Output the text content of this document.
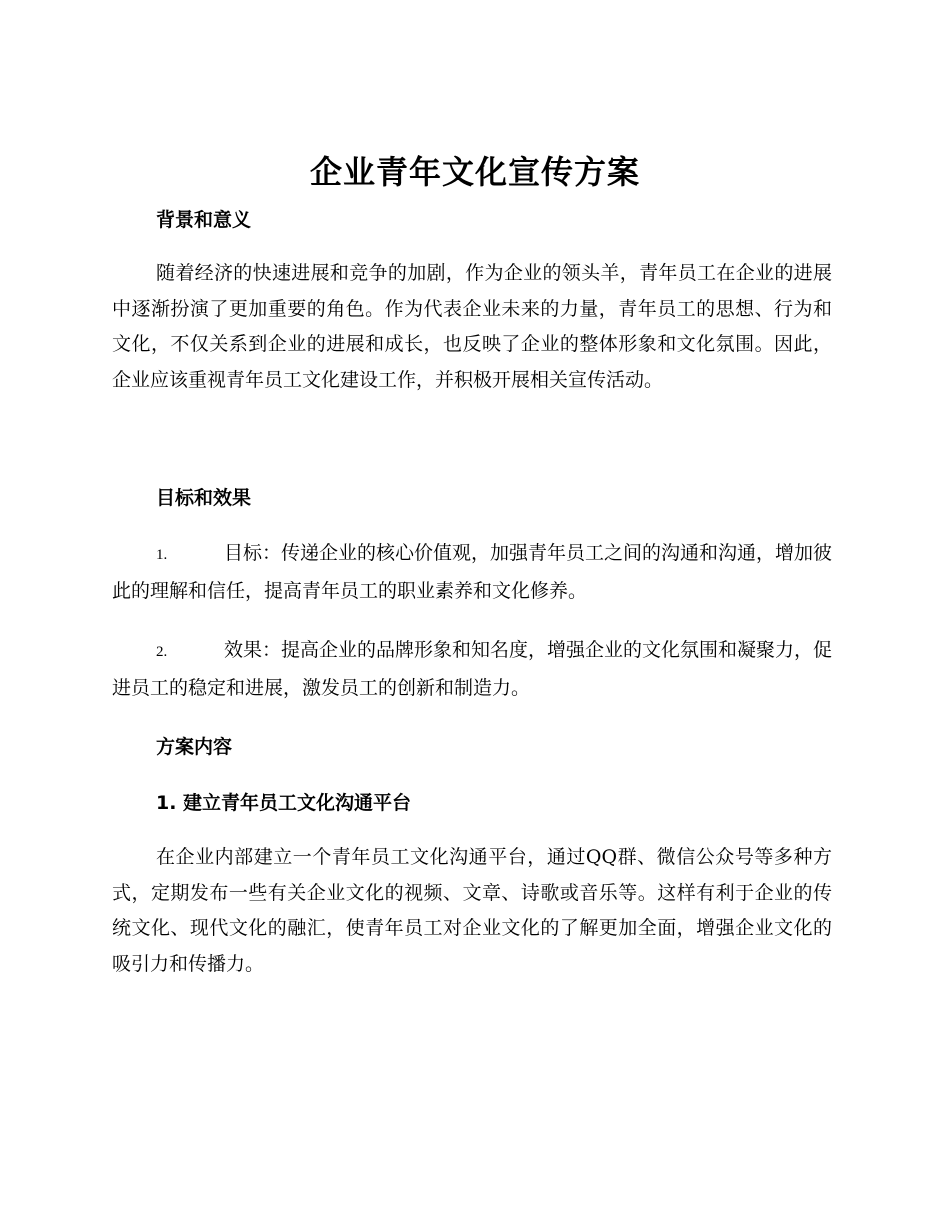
企业青年文化宣传方案
背景和意义

随着经济的快速进展和竞争的加剧，作为企业的领头羊，青年员工在企业的进展中逐渐扮演了更加重要的角色。作为代表企业未来的力量，青年员工的思想、行为和文化，不仅关系到企业的进展和成长，也反映了企业的整体形象和文化氛围。因此，企业应该重视青年员工文化建设工作，并积极开展相关宣传活动。

目标和效果

1.	目标：传递企业的核心价值观，加强青年员工之间的沟通和沟通，增加彼此的理解和信任，提高青年员工的职业素养和文化修养。

2.	效果：提高企业的品牌形象和知名度，增强企业的文化氛围和凝聚力，促进员工的稳定和进展，激发员工的创新和制造力。

方案内容
1. 建立青年员工文化沟通平台

在企业内部建立一个青年员工文化沟通平台，通过QQ群、微信公众号等多种方式，定期发布一些有关企业文化的视频、文章、诗歌或音乐等。这样有利于企业的传统文化、现代文化的融汇，使青年员工对企业文化的了解更加全面，增强企业文化的吸引力和传播力。
